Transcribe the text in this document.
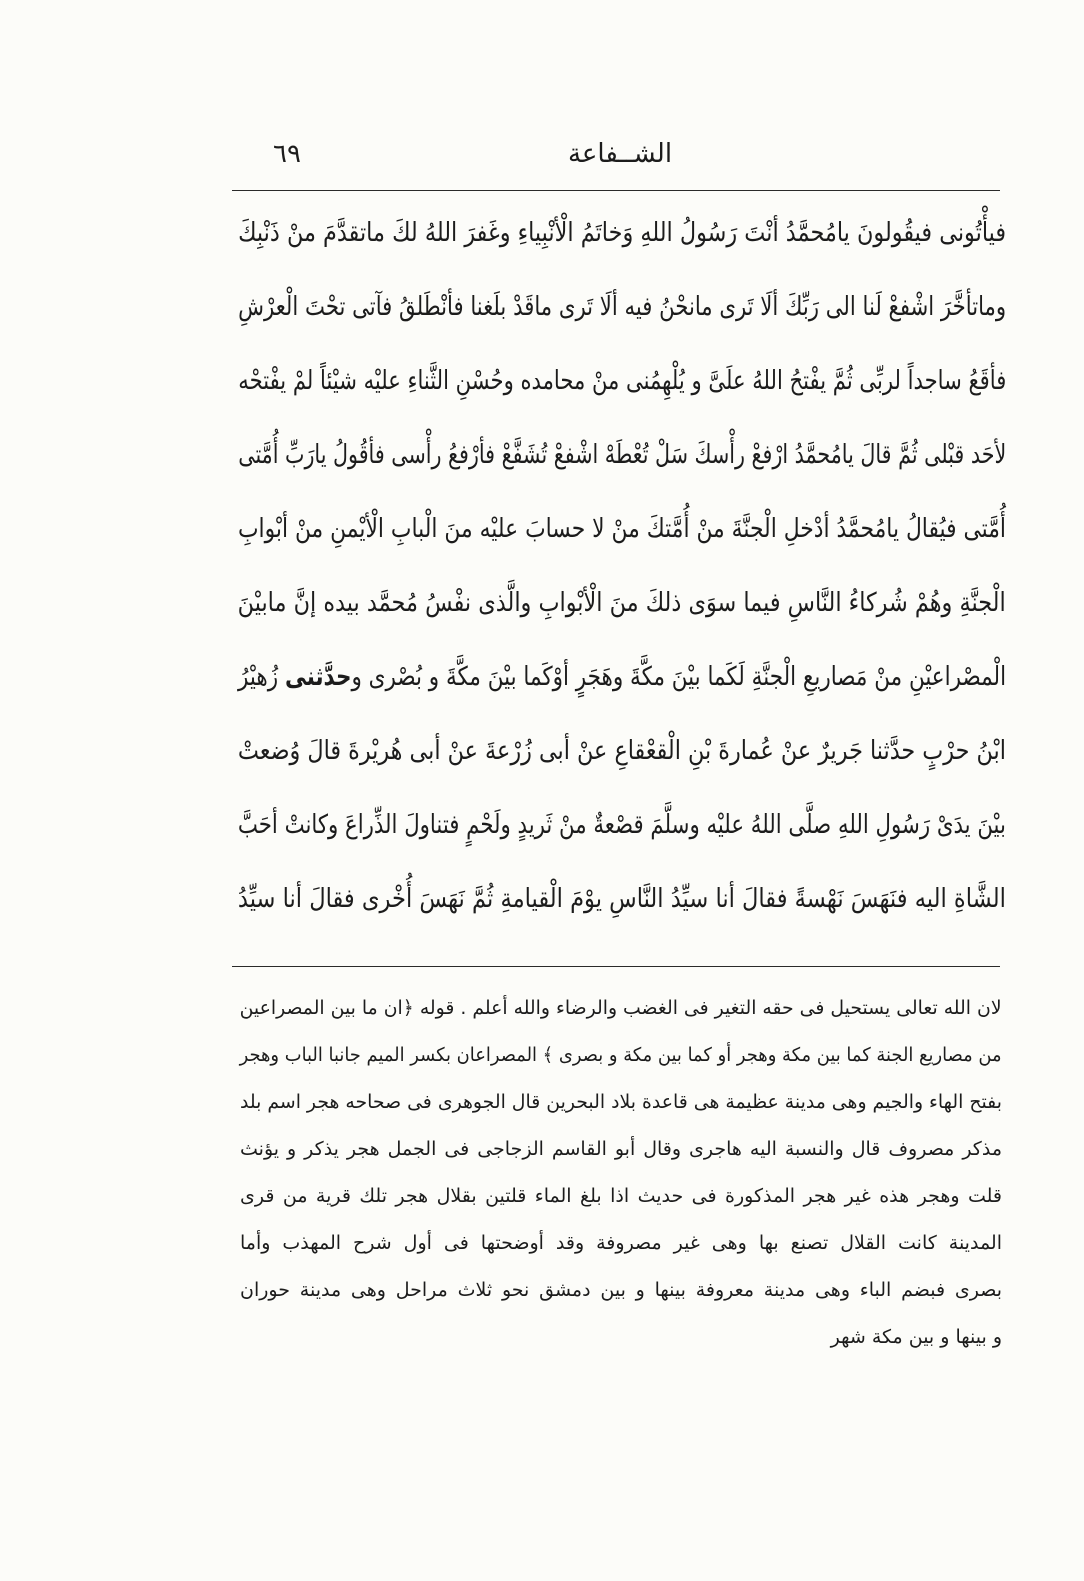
٦٩	الشــفاعة
فيأْتُونى فيقُولونَ يامُحمَّدُ أنْتَ رَسُولُ اللهِ وَخاتَمُ الْأنْبِياءِ وغَفرَ اللهُ لكَ ماتقدَّمَ منْ ذَنْبِكَ
وماتأخَّرَ اشْفعْ لَنا الى رَبِّكَ ألَا تَرى مانحْنُ فيه ألَا تَرى ماقَدْ بلَغنا فأنْطَلقُ فآتى تحْتَ الْعرْشِ
فأقَعُ ساجداً لربِّى ثُمَّ يفْتحُ اللهُ علَىَّ و يُلْهِمُنى منْ محامده وحُسْنِ الثَّناءِ عليْه شيْئاً لمْ يفْتحْه
لأحَد قبْلى ثُمَّ قالَ يامُحمَّدُ ارْفعْ رأْسكَ سَلْ تُعْطَهْ اشْفعْ تُشَفَّعْ فأرْفعُ رأْسى فأقُولُ يارَبِّ أُمَّتى
أُمَّتى فيُقالُ يامُحمَّدُ أدْخلِ الْجنَّةَ منْ أُمَّتكَ منْ لا حسابَ عليْه منَ الْبابِ الْأيْمنِ منْ أبْوابِ
الْجنَّةِ وهُمْ شُركاءُ النَّاسِ فيما سوَى ذلكَ منَ الْأبْوابِ والَّذى نفْسُ مُحمَّد بيده إنَّ مابيْنَ
الْمصْراعيْنِ منْ مَصاريعِ الْجنَّةِ لَكَما بيْنَ مكَّةَ وهَجَرٍ أوْكَما بيْنَ مكَّةَ و بُصْرى وحدَّثنى زُهيْرُ
ابْنُ حرْبٍ حدَّثنا جَريرٌ عنْ عُمارةَ بْنِ الْقعْقاعِ عنْ أبى زُرْعةَ عنْ أبى هُريْرةَ قالَ وُضعتْ
بيْنَ يدَىْ رَسُولِ اللهِ صلَّى اللهُ عليْه وسلَّمَ قصْعةٌ منْ ثَريدٍ ولَحْمٍ فتناولَ الذِّراعَ وكانتْ أحَبَّ
الشَّاةِ اليه فنَهَسَ نَهْسةً فقالَ أنا سيِّدُ النَّاسِ يوْمَ الْقيامةِ ثُمَّ نَهَسَ أُخْرى فقالَ أنا سيِّدُ
لان الله تعالى يستحيل فى حقه التغير فى الغضب والرضاء والله أعلم . قوله ﴿ان ما بين المصراعين
من مصاريع الجنة كما بين مكة وهجر أو كما بين مكة و بصرى ﴾ المصراعان بكسر الميم جانبا الباب وهجر
بفتح الهاء والجيم وهى مدينة عظيمة هى قاعدة بلاد البحرين قال الجوهرى فى صحاحه هجر اسم بلد
مذكر مصروف قال والنسبة اليه هاجرى وقال أبو القاسم الزجاجى فى الجمل هجر يذكر و يؤنث
قلت وهجر هذه غير هجر المذكورة فى حديث اذا بلغ الماء قلتين بقلال هجر تلك قرية من قرى
المدينة كانت القلال تصنع بها وهى غير مصروفة وقد أوضحتها فى أول شرح المهذب وأما
بصرى فبضم الباء وهى مدينة معروفة بينها و بين دمشق نحو ثلاث مراحل وهى مدينة حوران
و بينها و بين مكة شهر
